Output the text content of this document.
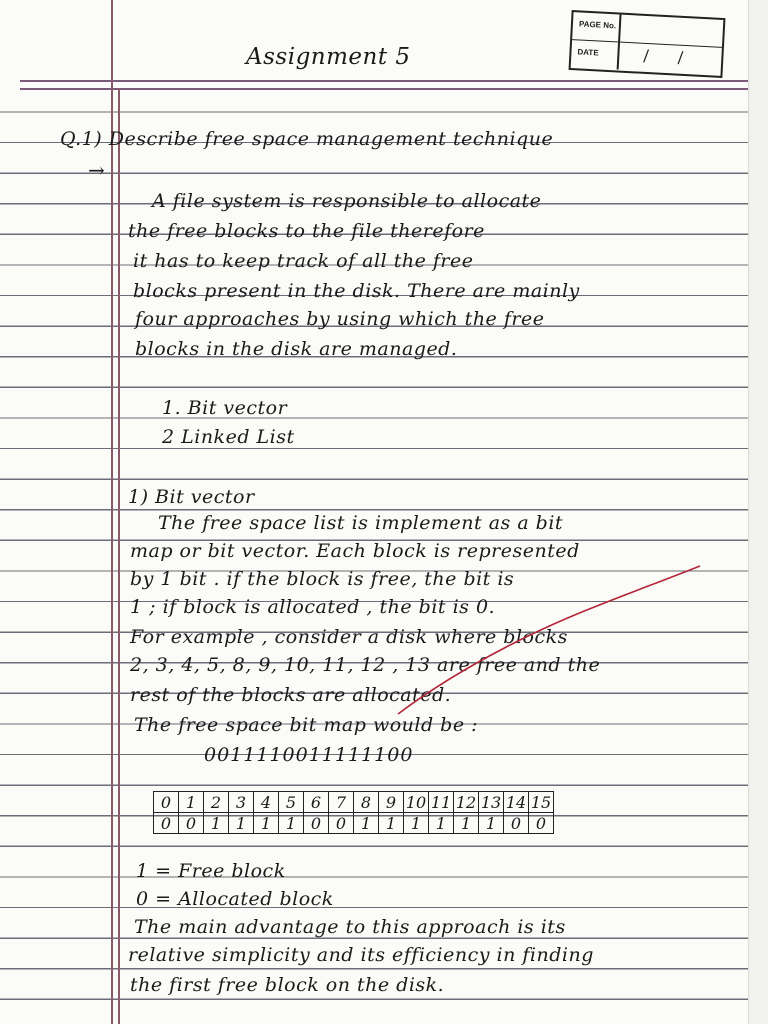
PAGE No.
DATE	/ /
Assignment 5
Q.1) Describe free space management technique
→
A file system is responsible to allocate
the free blocks to the file therefore
it has to keep track of all the free
blocks present in the disk. There are mainly
four approaches by using which the free
blocks in the disk are managed.
1. Bit vector
2 Linked List
1) Bit vector
The free space list is implement as a bit
map or bit vector. Each block is represented
by 1 bit . if the block is free, the bit is
1 ; if block is allocated , the bit is 0.
For example , consider a disk where blocks
2, 3, 4, 5, 8, 9, 10, 11, 12 , 13 are free and the
rest of the blocks are allocated.
The free space bit map would be :
0011110011111100
0	1	2	3	4	5	6	7	8	9	10	11	12	13	14	15
0	0	1	1	1	1	0	0	1	1	1	1	1	1	0	0
1 = Free block
0 = Allocated block
The main advantage to this approach is its
relative simplicity and its efficiency in finding
the first free block on the disk.
